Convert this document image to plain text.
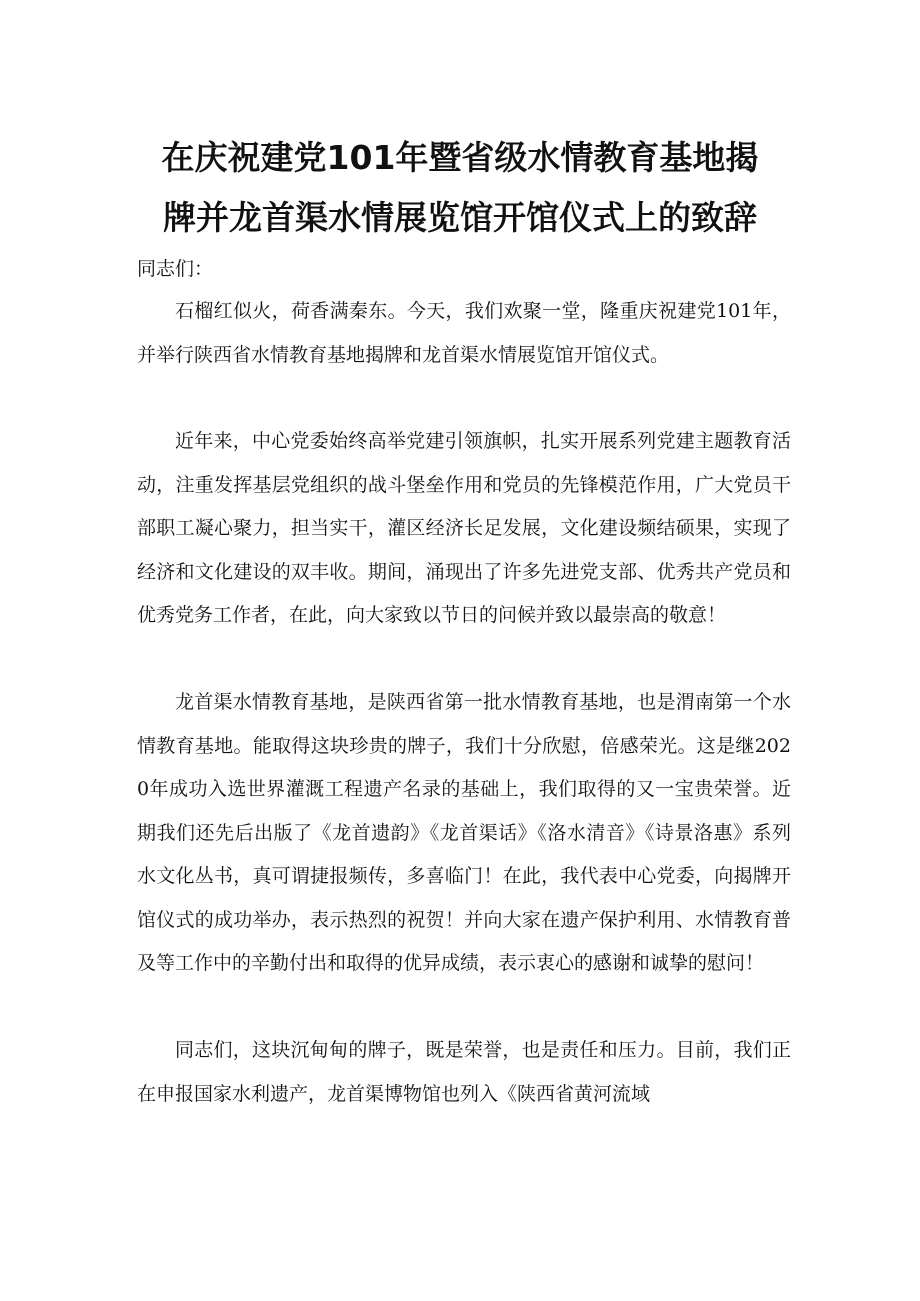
在庆祝建党101年暨省级水情教育基地揭
牌并龙首渠水情展览馆开馆仪式上的致辞

同志们：

石榴红似火，荷香满秦东。今天，我们欢聚一堂，隆重庆祝建党101年，并举行陕西省水情教育基地揭牌和龙首渠水情展览馆开馆仪式。

近年来，中心党委始终高举党建引领旗帜，扎实开展系列党建主题教育活动，注重发挥基层党组织的战斗堡垒作用和党员的先锋模范作用，广大党员干部职工凝心聚力，担当实干，灌区经济长足发展，文化建设频结硕果，实现了经济和文化建设的双丰收。期间，涌现出了许多先进党支部、优秀共产党员和优秀党务工作者，在此，向大家致以节日的问候并致以最崇高的敬意！

龙首渠水情教育基地，是陕西省第一批水情教育基地，也是渭南第一个水情教育基地。能取得这块珍贵的牌子，我们十分欣慰，倍感荣光。这是继2020年成功入选世界灌溉工程遗产名录的基础上，我们取得的又一宝贵荣誉。近期我们还先后出版了《龙首遗韵》《龙首渠话》《洛水清音》《诗景洛惠》系列水文化丛书，真可谓捷报频传，多喜临门！在此，我代表中心党委，向揭牌开馆仪式的成功举办，表示热烈的祝贺！并向大家在遗产保护利用、水情教育普及等工作中的辛勤付出和取得的优异成绩，表示衷心的感谢和诚挚的慰问！

同志们，这块沉甸甸的牌子，既是荣誉，也是责任和压力。目前，我们正在申报国家水利遗产，龙首渠博物馆也列入《陕西省黄河流域
